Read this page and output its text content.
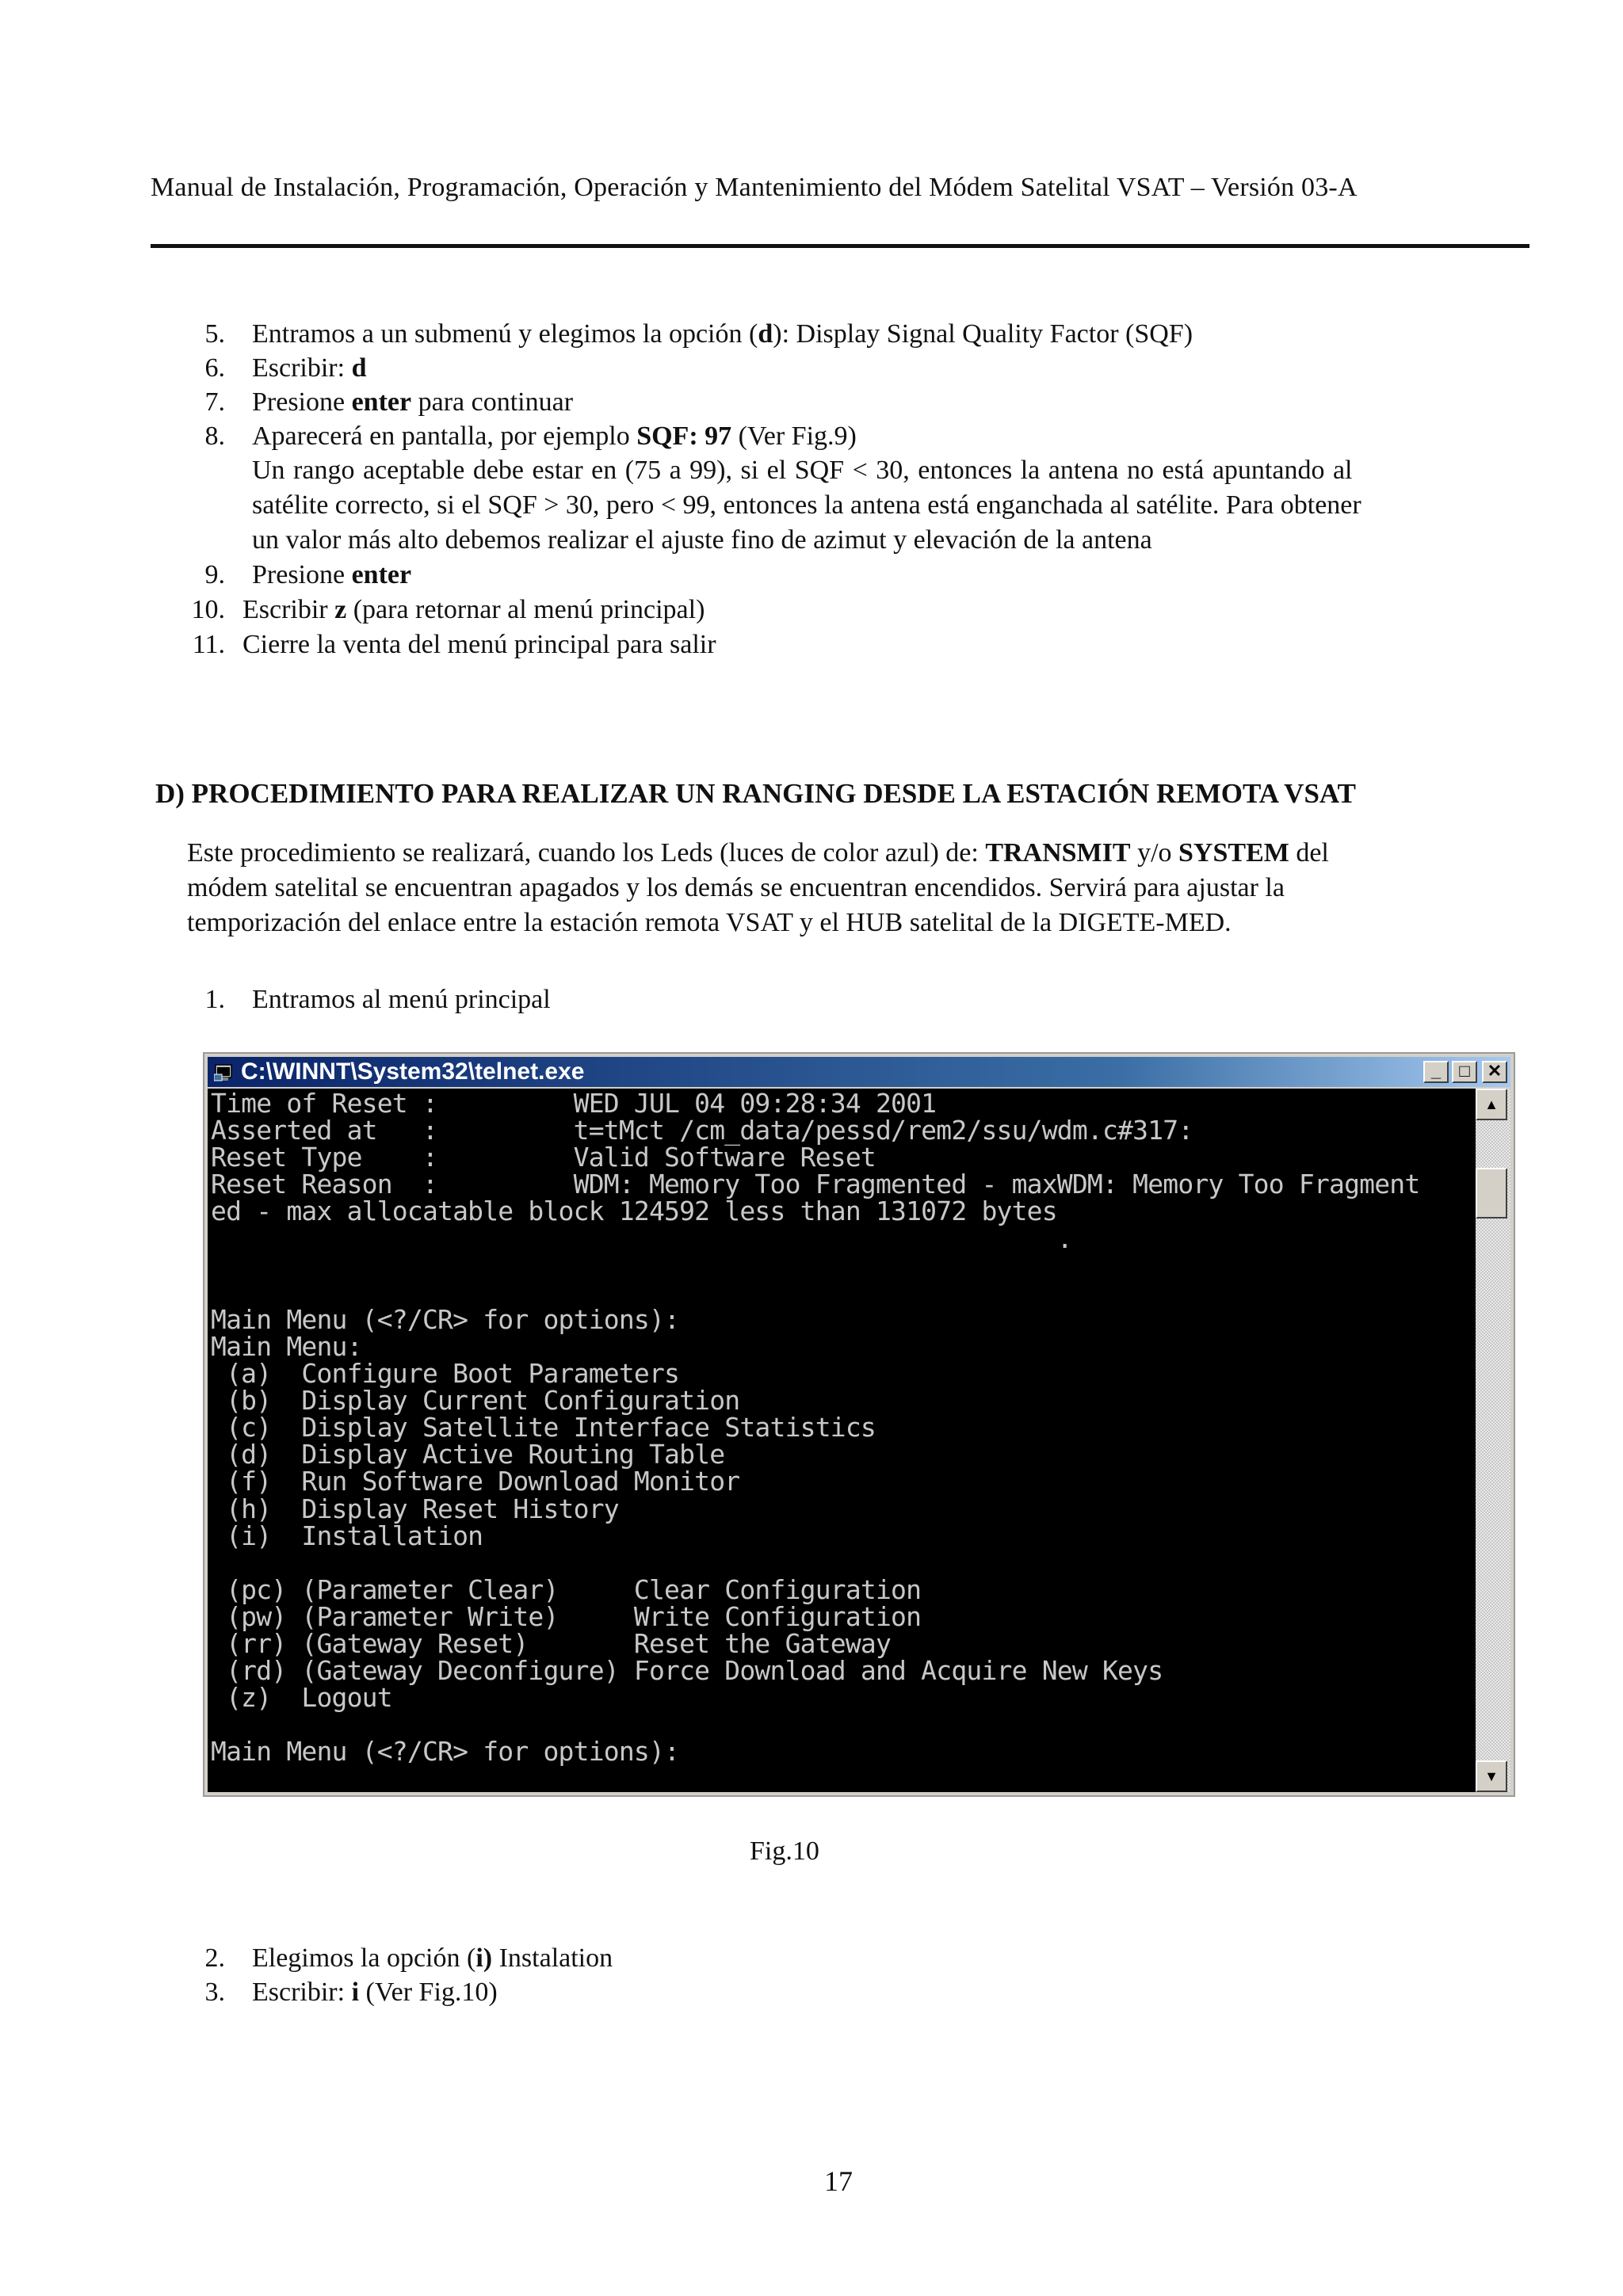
Manual de Instalación, Programación, Operación y Mantenimiento del Módem Satelital VSAT – Versión 03-A
5. Entramos a un submenú y elegimos la opción (d): Display Signal Quality Factor (SQF)
6. Escribir: d
7. Presione enter para continuar
8. Aparecerá en pantalla, por ejemplo SQF: 97 (Ver Fig.9)
Un rango aceptable debe estar en (75 a 99), si el SQF < 30, entonces la antena no está apuntando al
satélite correcto, si el SQF > 30, pero < 99, entonces la antena está enganchada al satélite. Para obtener
un valor más alto debemos realizar el ajuste fino de azimut y elevación de la antena
9. Presione enter
10. Escribir z (para retornar al menú principal)
11. Cierre la venta del menú principal para salir
D) PROCEDIMIENTO PARA REALIZAR UN RANGING DESDE LA ESTACIÓN REMOTA VSAT
Este procedimiento se realizará, cuando los Leds (luces de color azul) de: TRANSMIT y/o SYSTEM del
módem satelital se encuentran apagados y los demás se encuentran encendidos. Servirá para ajustar la
temporización del enlace entre la estación remota VSAT y el HUB satelital de la DIGETE-MED.
1. Entramos al menú principal
C:\WINNT\System32\telnet.exe	_	□	✕
Time of Reset :         WED JUL 04 09:28:34 2001
Asserted at   :         t=tMct /cm_data/pessd/rem2/ssu/wdm.c#317:
Reset Type    :         Valid Software Reset
Reset Reason  :         WDM: Memory Too Fragmented - maxWDM: Memory Too Fragment
ed - max allocatable block 124592 less than 131072 bytes
.
Main Menu (<?/CR> for options):
Main Menu:
(a)  Configure Boot Parameters
(b)  Display Current Configuration
(c)  Display Satellite Interface Statistics
(d)  Display Active Routing Table
(f)  Run Software Download Monitor
(h)  Display Reset History
(i)  Installation
(pc) (Parameter Clear)     Clear Configuration
(pw) (Parameter Write)     Write Configuration
(rr) (Gateway Reset)       Reset the Gateway
(rd) (Gateway Deconfigure) Force Download and Acquire New Keys
(z)  Logout
Main Menu (<?/CR> for options):
▲
▼
Fig.10
2. Elegimos la opción (i) Instalation
3. Escribir: i (Ver Fig.10)
17
